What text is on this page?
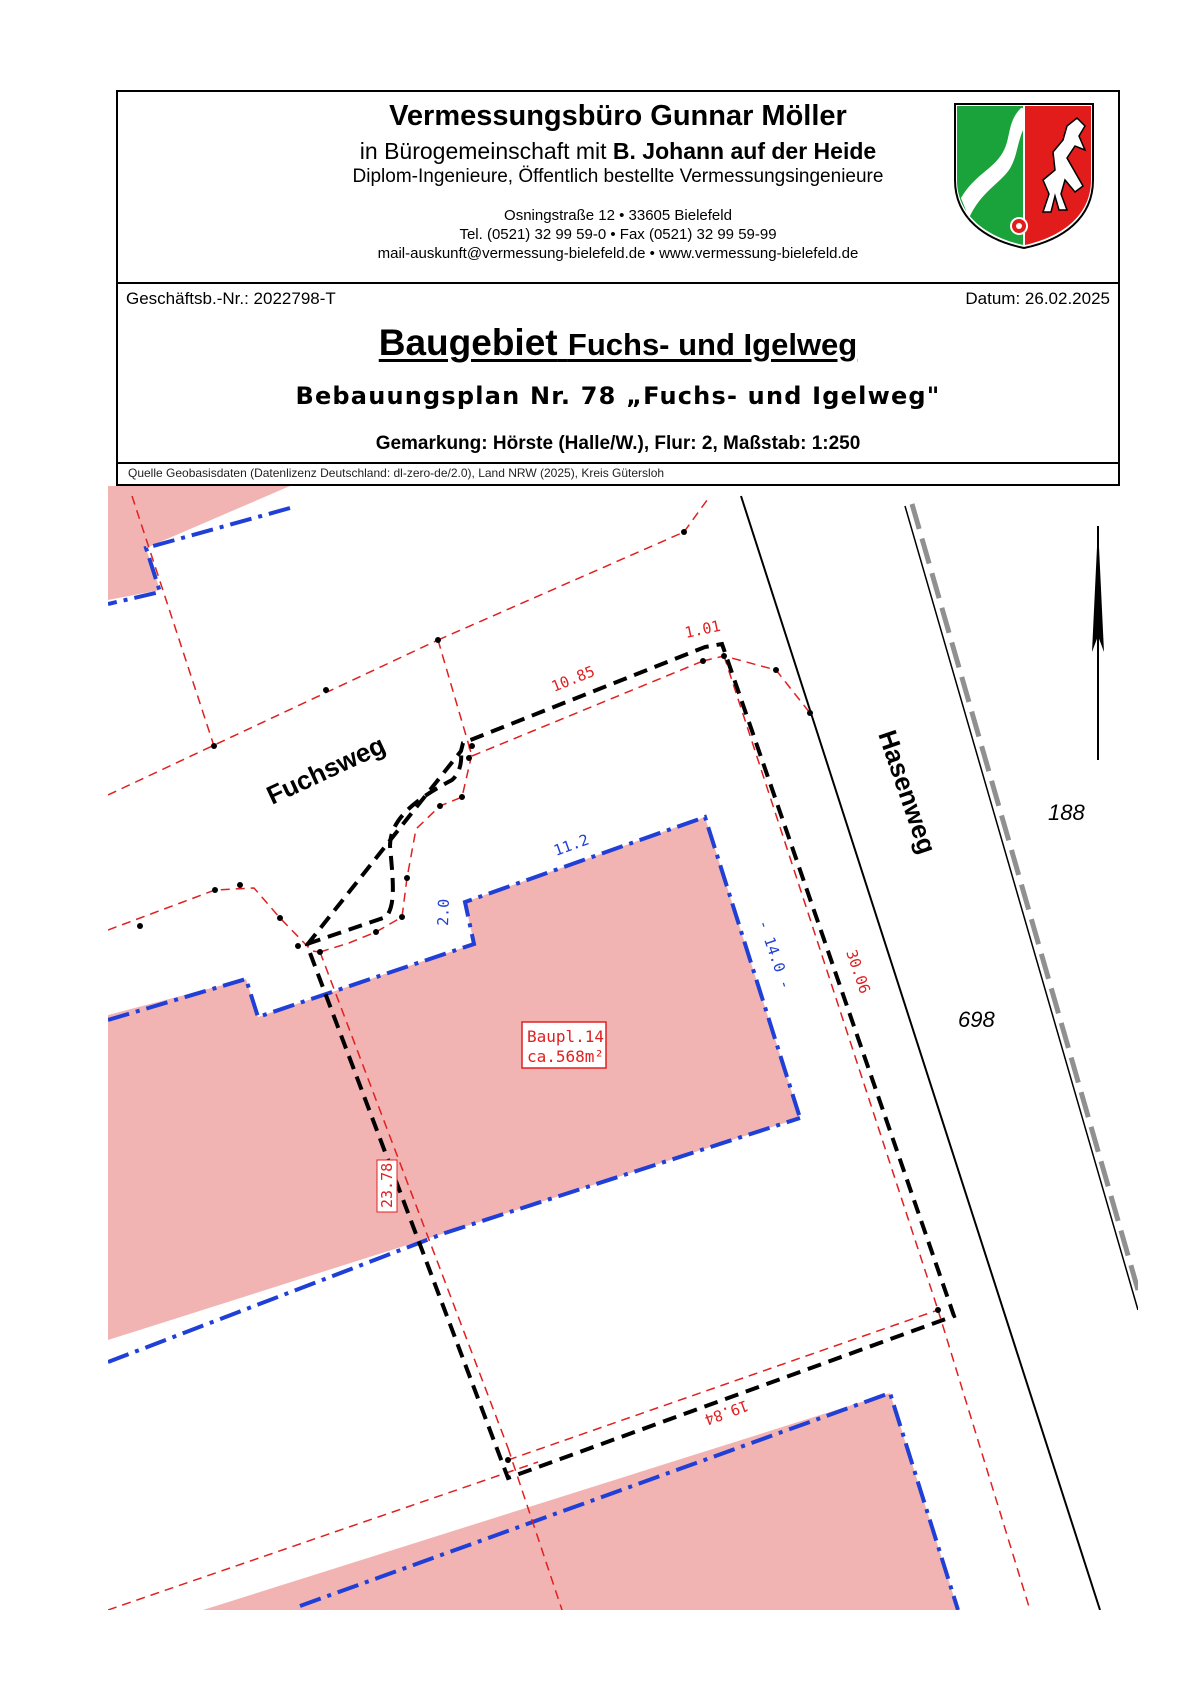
Vermessungsbüro Gunnar Möller
in Bürogemeinschaft mit B. Johann auf der Heide
Diplom-Ingenieure, Öffentlich bestellte Vermessungsingenieure
Osningstraße 12 • 33605 Bielefeld
Tel. (0521) 32 99 59-0 • Fax (0521) 32 99 59-99
mail-auskunft@vermessung-bielefeld.de • www.vermessung-bielefeld.de
Geschäftsb.-Nr.: 2022798-T	Datum: 26.02.2025
Baugebiet Fuchs- und Igelweg
Bebauungsplan Nr. 78 „Fuchs- und Igelweg"
Gemarkung: Hörste (Halle/W.), Flur: 2, Maßstab: 1:250
Quelle Geobasisdaten (Datenlizenz Deutschland: dl-zero-de/2.0), Land NRW (2025), Kreis Gütersloh
Fuchsweg	Hasenweg	188
698
1.01
10.85
30.06
19.84
23.78
11.2
- 14.0 -
2.0
Baupl.14
ca.568m²
